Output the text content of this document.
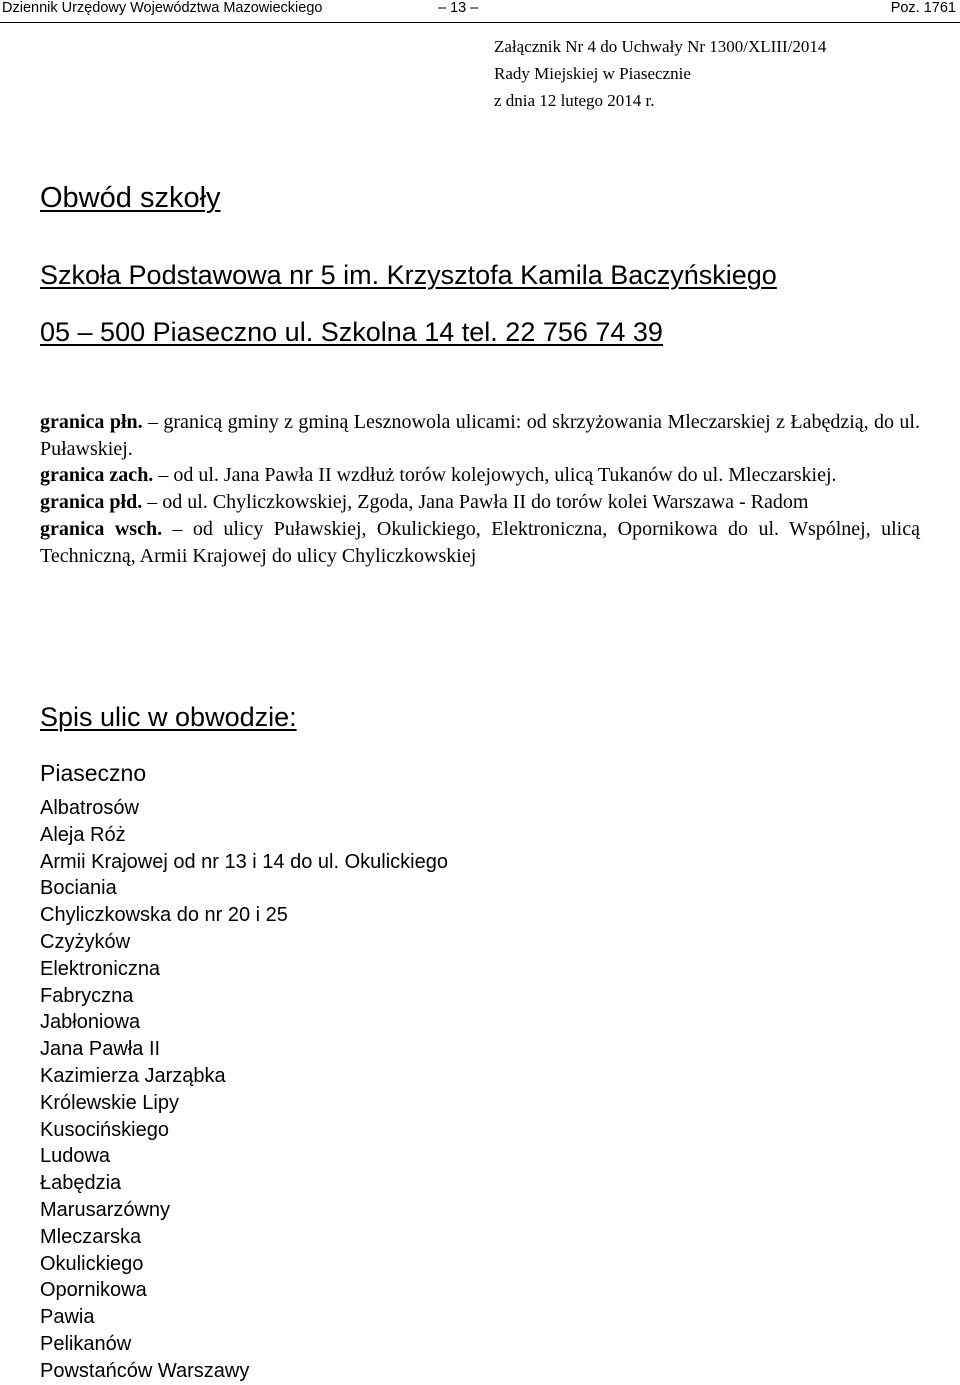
Dziennik Urzędowy Województwa Mazowieckiego	– 13 –	Poz. 1761
Załącznik Nr 4 do Uchwały Nr 1300/XLIII/2014
Rady Miejskiej w Piasecznie
z dnia 12 lutego 2014 r.
Obwód szkoły
Szkoła Podstawowa nr 5 im. Krzysztofa Kamila Baczyńskiego
05 – 500 Piaseczno ul. Szkolna 14 tel. 22 756 74 39

granica płn. – granicą gminy z gminą Lesznowola ulicami: od skrzyżowania Mleczarskiej z Łabędzią, do ul. Puławskiej.

granica zach. – od ul. Jana Pawła II wzdłuż torów kolejowych, ulicą Tukanów do ul. Mleczarskiej.

granica płd. – od ul. Chyliczkowskiej, Zgoda, Jana Pawła II do torów kolei Warszawa - Radom

granica wsch. – od ulicy Puławskiej, Okulickiego, Elektroniczna, Opornikowa do ul. Wspólnej, ulicą Techniczną, Armii Krajowej do ulicy Chyliczkowskiej

Spis ulic w obwodzie:
Piaseczno
Albatrosów
Aleja Róż
Armii Krajowej od nr 13 i 14 do ul. Okulickiego
Bociania
Chyliczkowska do nr 20 i 25
Czyżyków
Elektroniczna
Fabryczna
Jabłoniowa
Jana Pawła II
Kazimierza Jarząbka
Królewskie Lipy
Kusocińskiego
Ludowa
Łabędzia
Marusarzówny
Mleczarska
Okulickiego
Opornikowa
Pawia
Pelikanów
Powstańców Warszawy
